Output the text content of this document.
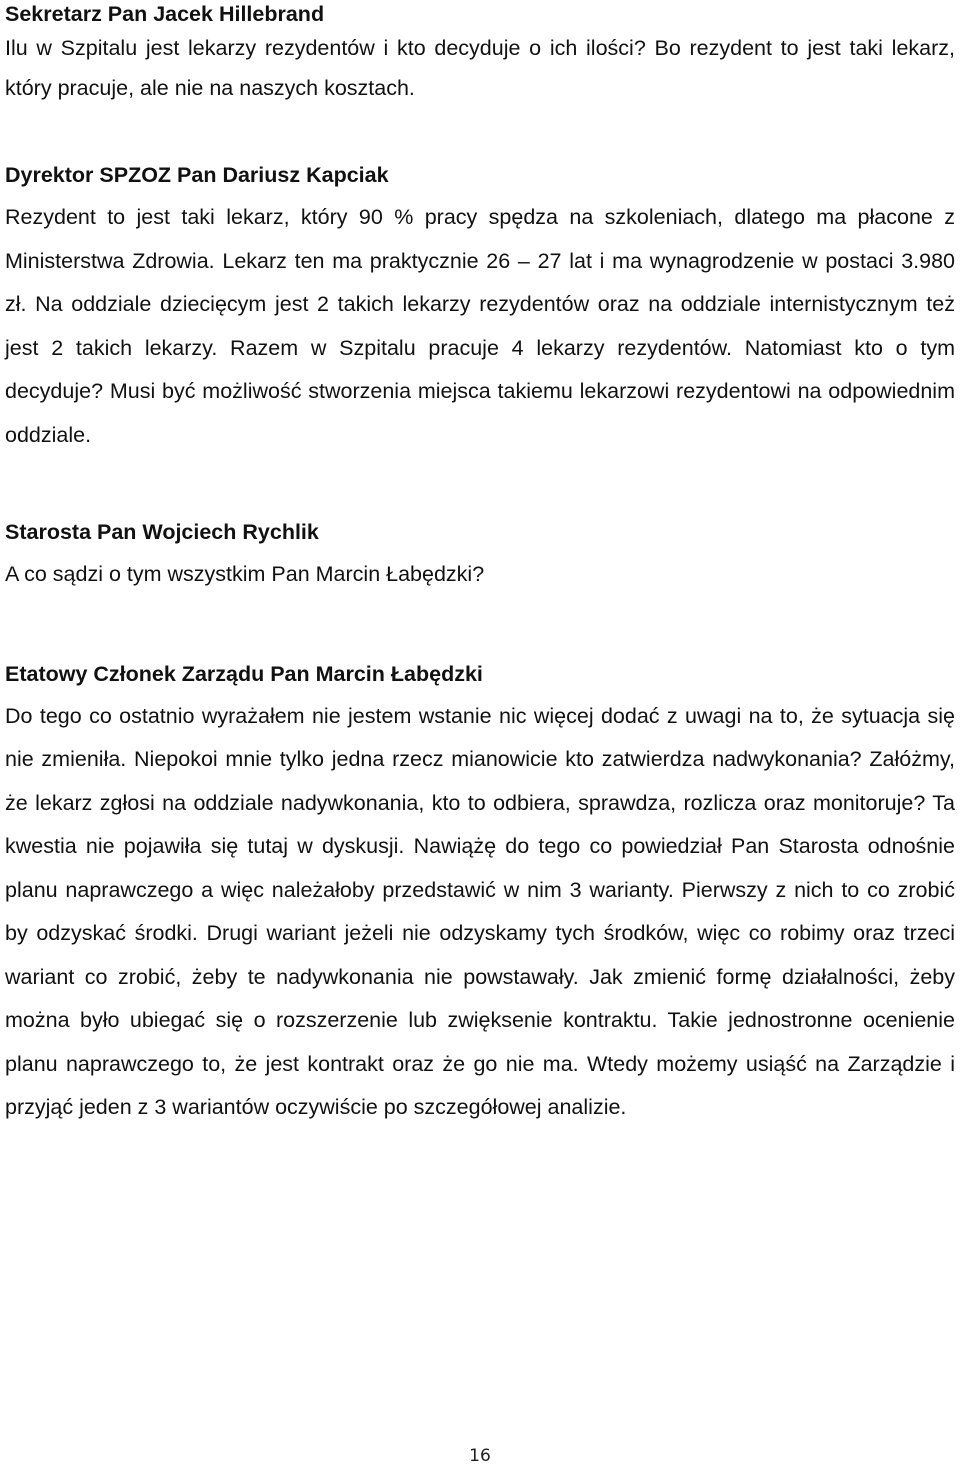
Sekretarz Pan Jacek Hillebrand

Ilu w Szpitalu jest lekarzy rezydentów i kto decyduje o ich ilości? Bo rezydent to jest taki lekarz, który pracuje, ale nie na naszych kosztach.

Dyrektor SPZOZ Pan Dariusz Kapciak

Rezydent to jest taki lekarz, który 90 % pracy spędza na szkoleniach, dlatego ma płacone z Ministerstwa Zdrowia. Lekarz ten ma praktycznie 26 – 27 lat i ma wynagrodzenie w postaci 3.980 zł. Na oddziale dziecięcym jest 2 takich lekarzy rezydentów oraz na oddziale internistycznym też jest 2 takich lekarzy. Razem w Szpitalu pracuje 4 lekarzy rezydentów. Natomiast kto o tym decyduje? Musi być możliwość stworzenia miejsca takiemu lekarzowi rezydentowi na odpowiednim oddziale.

Starosta Pan Wojciech Rychlik

A co sądzi o tym wszystkim Pan Marcin Łabędzki?

Etatowy Członek Zarządu Pan Marcin Łabędzki

Do tego co ostatnio wyrażałem nie jestem wstanie nic więcej dodać z uwagi na to, że sytuacja się nie zmieniła. Niepokoi mnie tylko jedna rzecz mianowicie kto zatwierdza nadwykonania? Załóżmy, że lekarz zgłosi na oddziale nadywkonania, kto to odbiera, sprawdza, rozlicza oraz monitoruje? Ta kwestia nie pojawiła się tutaj w dyskusji. Nawiążę do tego co powiedział Pan Starosta odnośnie planu naprawczego a więc należałoby przedstawić w nim 3 warianty. Pierwszy z nich to co zrobić by odzyskać środki. Drugi wariant jeżeli nie odzyskamy tych środków, więc co robimy oraz trzeci wariant co zrobić, żeby te nadywkonania nie powstawały. Jak zmienić formę działalności, żeby można było ubiegać się o rozszerzenie lub zwięksenie kontraktu. Takie jednostronne ocenienie planu naprawczego to, że jest kontrakt oraz że go nie ma. Wtedy możemy usiąść na Zarządzie i przyjąć jeden z 3 wariantów oczywiście po szczegółowej analizie.

16
